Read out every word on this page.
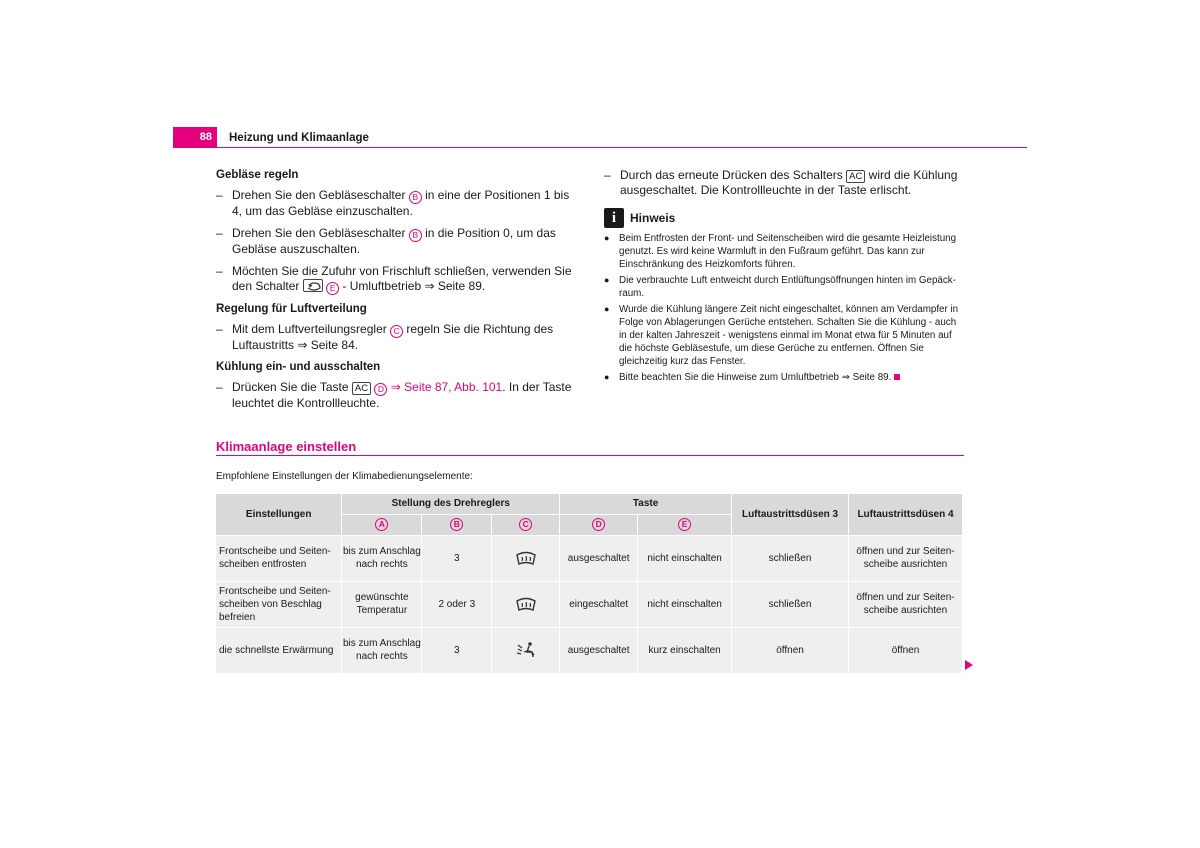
88	Heizung und Klimaanlage
Gebläse regeln
– Drehen Sie den Gebläseschalter B in eine der Positionen 1 bis 4, um das Gebläse einzuschalten.
– Drehen Sie den Gebläseschalter B in die Position 0, um das Gebläse auszuschalten.
– Möchten Sie die Zufuhr von Frischluft schließen, verwenden Sie den Schalter	E - Umluftbetrieb ⇒ Seite 89.
Regelung für Luftverteilung
– Mit dem Luftverteilungsregler C regeln Sie die Richtung des Luftaustritts ⇒ Seite 84.
Kühlung ein- und ausschalten
– Drücken Sie die Taste AC D ⇒ Seite 87, Abb. 101. In der Taste leuchtet die Kontrollleuchte.
– Durch das erneute Drücken des Schalters AC wird die Kühlung ausgeschaltet. Die Kontrollleuchte in der Taste erlischt.
i	Hinweis
● Beim Entfrosten der Front- und Seitenscheiben wird die gesamte Heizleistung genutzt. Es wird keine Warmluft in den Fußraum geführt. Das kann zur Einschränkung des Heizkomforts führen.
● Die verbrauchte Luft entweicht durch Entlüftungsöffnungen hinten im Gepäckraum.
● Wurde die Kühlung längere Zeit nicht eingeschaltet, können am Verdampfer in Folge von Ablagerungen Gerüche entstehen. Schalten Sie die Kühlung - auch in der kalten Jahreszeit - wenigstens einmal im Monat etwa für 5 Minuten auf die höchste Gebläsestufe, um diese Gerüche zu entfernen. Öffnen Sie gleichzeitig kurz das Fenster.
● Bitte beachten Sie die Hinweise zum Umluftbetrieb ⇒ Seite 89.
Klimaanlage einstellen
Empfohlene Einstellungen der Klimabedienungselemente:
Einstellungen	Stellung des Drehreglers			Taste		Luftaustrittsdüsen 3	Luftaustrittsdüsen 4
	A	B	C	D	E		
Frontscheibe und Seitenscheiben entfrosten	bis zum Anschlag nach rechts	3		ausgeschaltet	nicht einschalten	schließen	öffnen und zur Seitenscheibe ausrichten
Frontscheibe und Seitenscheiben von Beschlag befreien	gewünschte Temperatur	2 oder 3		eingeschaltet	nicht einschalten	schließen	öffnen und zur Seitenscheibe ausrichten
die schnellste Erwärmung	bis zum Anschlag nach rechts	3		ausgeschaltet	kurz einschalten	öffnen	öffnen
